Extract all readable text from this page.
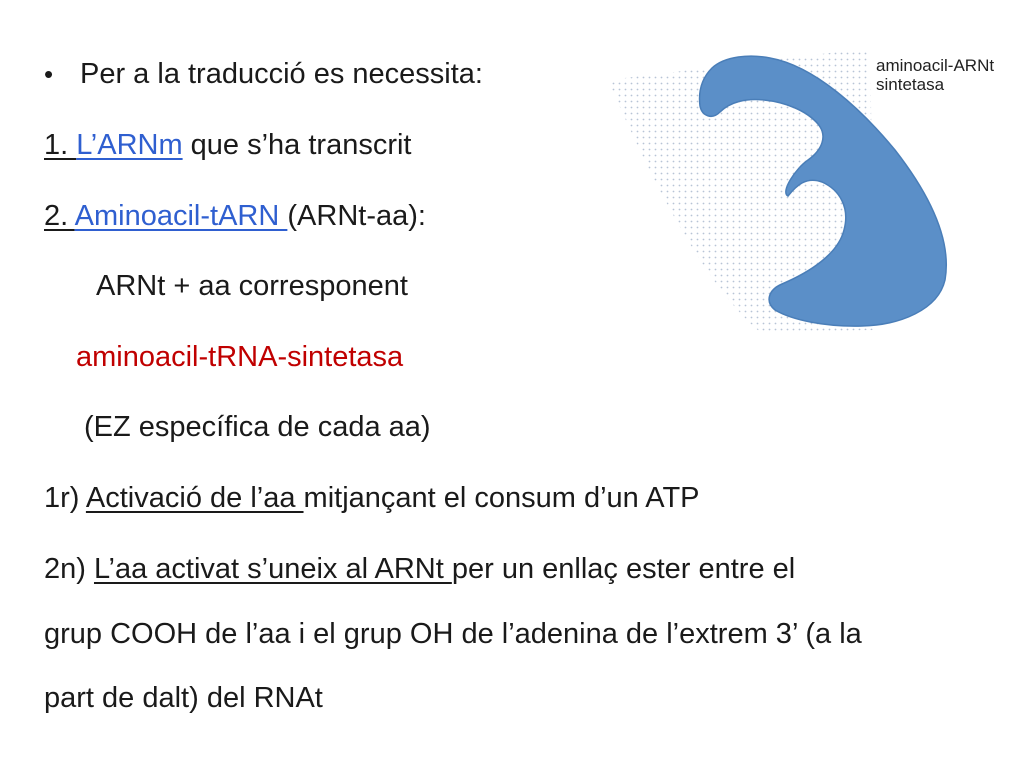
• Per a la traducció es necessita:
1. L’ARNm que s’ha transcrit
2. Aminoacil-tARN (ARNt-aa):
ARNt + aa corresponent
aminoacil-tRNA-sintetasa
(EZ específica de cada aa)
1r) Activació de l’aa mitjançant el consum d’un ATP
2n) L’aa activat s’uneix al ARNt per un enllaç ester entre el
grup COOH de l’aa i el grup OH de l’adenina de l’extrem 3’ (a la
part de dalt) del RNAt
aminoacil-ARNt
sintetasa
